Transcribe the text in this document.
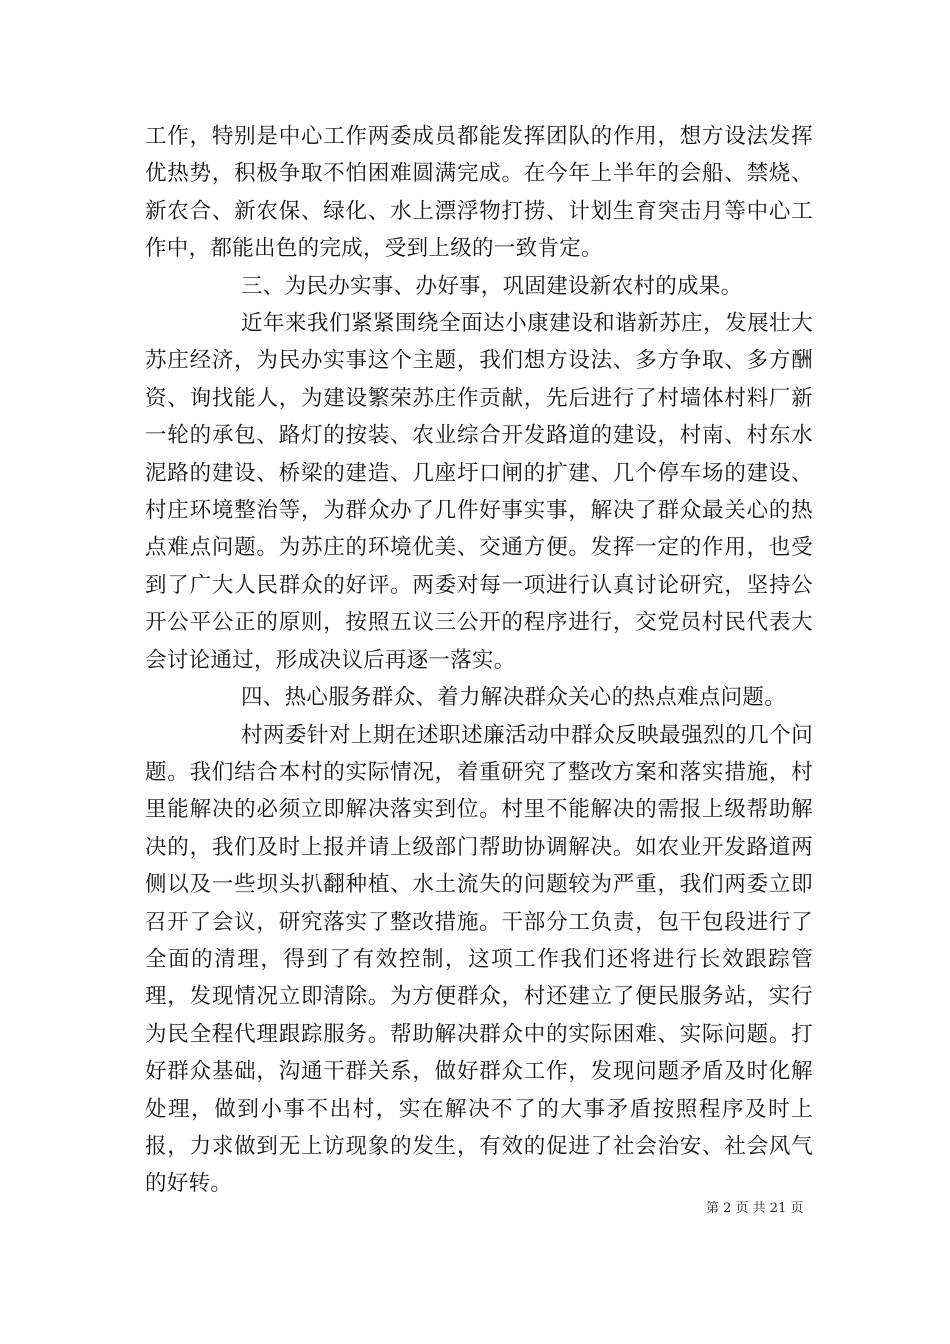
工作，特别是中心工作两委成员都能发挥团队的作用，想方设法发挥优热势，积极争取不怕困难圆满完成。在今年上半年的会船、禁烧、新农合、新农保、绿化、水上漂浮物打捞、计划生育突击月等中心工作中，都能出色的完成，受到上级的一致肯定。

三、为民办实事、办好事，巩固建设新农村的成果。

近年来我们紧紧围绕全面达小康建设和谐新苏庄，发展壮大苏庄经济，为民办实事这个主题，我们想方设法、多方争取、多方酬资、询找能人，为建设繁荣苏庄作贡献，先后进行了村墙体村料厂新一轮的承包、路灯的按装、农业综合开发路道的建设，村南、村东水泥路的建设、桥梁的建造、几座圩口闸的扩建、几个停车场的建设、村庄环境整治等，为群众办了几件好事实事，解决了群众最关心的热点难点问题。为苏庄的环境优美、交通方便。发挥一定的作用，也受到了广大人民群众的好评。两委对每一项进行认真讨论研究，坚持公开公平公正的原则，按照五议三公开的程序进行，交党员村民代表大会讨论通过，形成决议后再逐一落实。

四、热心服务群众、着力解决群众关心的热点难点问题。

村两委针对上期在述职述廉活动中群众反映最强烈的几个问题。我们结合本村的实际情况，着重研究了整改方案和落实措施，村里能解决的必须立即解决落实到位。村里不能解决的需报上级帮助解决的，我们及时上报并请上级部门帮助协调解决。如农业开发路道两侧以及一些坝头扒翻种植、水土流失的问题较为严重，我们两委立即召开了会议，研究落实了整改措施。干部分工负责，包干包段进行了全面的清理，得到了有效控制，这项工作我们还将进行长效跟踪管理，发现情况立即清除。为方便群众，村还建立了便民服务站，实行为民全程代理跟踪服务。帮助解决群众中的实际困难、实际问题。打好群众基础，沟通干群关系，做好群众工作，发现问题矛盾及时化解处理，做到小事不出村，实在解决不了的大事矛盾按照程序及时上报，力求做到无上访现象的发生，有效的促进了社会治安、社会风气的好转。

第 2 页 共 21 页
